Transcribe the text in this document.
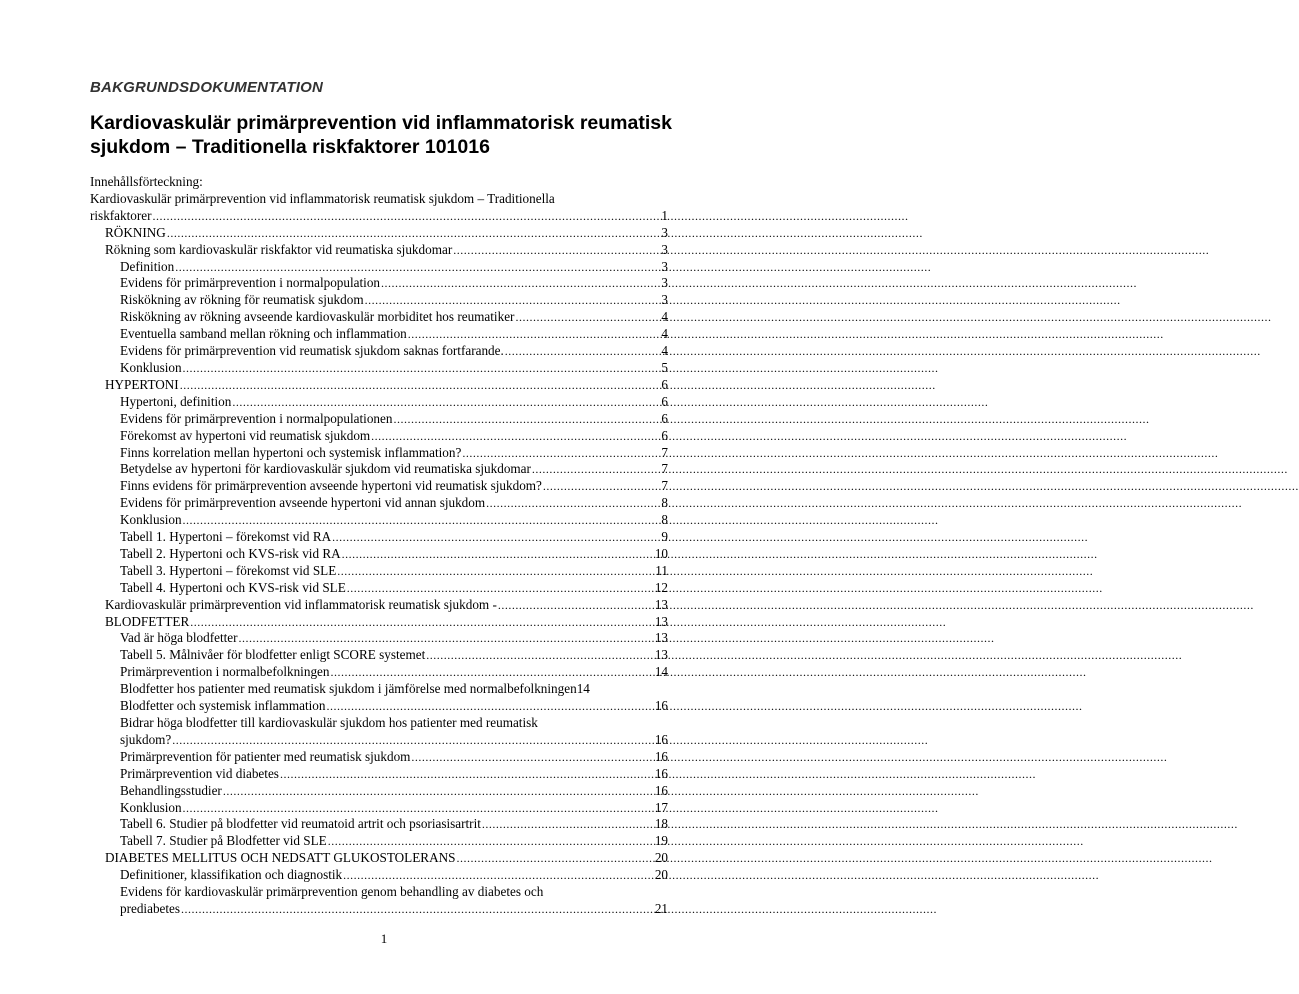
BAKGRUNDSDOKUMENTATION
Kardiovaskulär primärprevention vid inflammatorisk reumatisk sjukdom – Traditionella riskfaktorer 101016
Innehållsförteckning:
Kardiovaskulär primärprevention vid inflammatorisk reumatisk sjukdom – Traditionella
riskfaktorer .....	1
RÖKNING .....	3
Rökning som kardiovaskulär riskfaktor vid reumatiska sjukdomar .....	3
Definition .....	3
Evidens för primärprevention i normalpopulation .....	3
Riskökning av rökning för reumatisk sjukdom .....	3
Riskökning av rökning avseende kardiovaskulär morbiditet hos reumatiker .....	4
Eventuella samband mellan rökning och inflammation .....	4
Evidens för primärprevention vid reumatisk sjukdom saknas fortfarande. .....	4
Konklusion .....	5
HYPERTONI .....	6
Hypertoni, definition .....	6
Evidens för primärprevention i normalpopulationen .....	6
Förekomst av hypertoni vid reumatisk sjukdom .....	6
Finns korrelation mellan hypertoni och systemisk inflammation? .....	7
Betydelse av hypertoni för kardiovaskulär sjukdom vid reumatiska sjukdomar .....	7
Finns evidens för primärprevention avseende hypertoni vid reumatisk sjukdom? .....	7
Evidens för primärprevention avseende hypertoni vid annan sjukdom .....	8
Konklusion .....	8
Tabell 1. Hypertoni – förekomst vid RA .....	9
Tabell 2. Hypertoni och KVS-risk vid RA .....	10
Tabell 3. Hypertoni – förekomst vid SLE .....	11
Tabell 4. Hypertoni och KVS-risk vid SLE .....	12
Kardiovaskulär primärprevention vid inflammatorisk reumatisk sjukdom - .....	13
BLODFETTER .....	13
Vad är höga blodfetter .....	13
Tabell 5. Målnivåer för blodfetter enligt SCORE systemet .....	13
Primärprevention i normalbefolkningen .....	14
Blodfetter hos patienter med reumatisk sjukdom i jämförelse med normalbefolkningen 14
Blodfetter och systemisk inflammation .....	16
Bidrar höga blodfetter till kardiovaskulär sjukdom hos patienter med reumatisk
sjukdom? .....	16
Primärprevention för patienter med reumatisk sjukdom .....	16
Primärprevention vid diabetes .....	16
Behandlingsstudier .....	16
Konklusion .....	17
Tabell 6. Studier på blodfetter vid reumatoid artrit och psoriasisartrit .....	18
Tabell 7. Studier på Blodfetter vid SLE .....	19
DIABETES MELLITUS OCH NEDSATT GLUKOSTOLERANS .....	20
Definitioner, klassifikation och diagnostik .....	20
Evidens för kardiovaskulär primärprevention genom behandling av diabetes och
prediabetes .....	21
1
